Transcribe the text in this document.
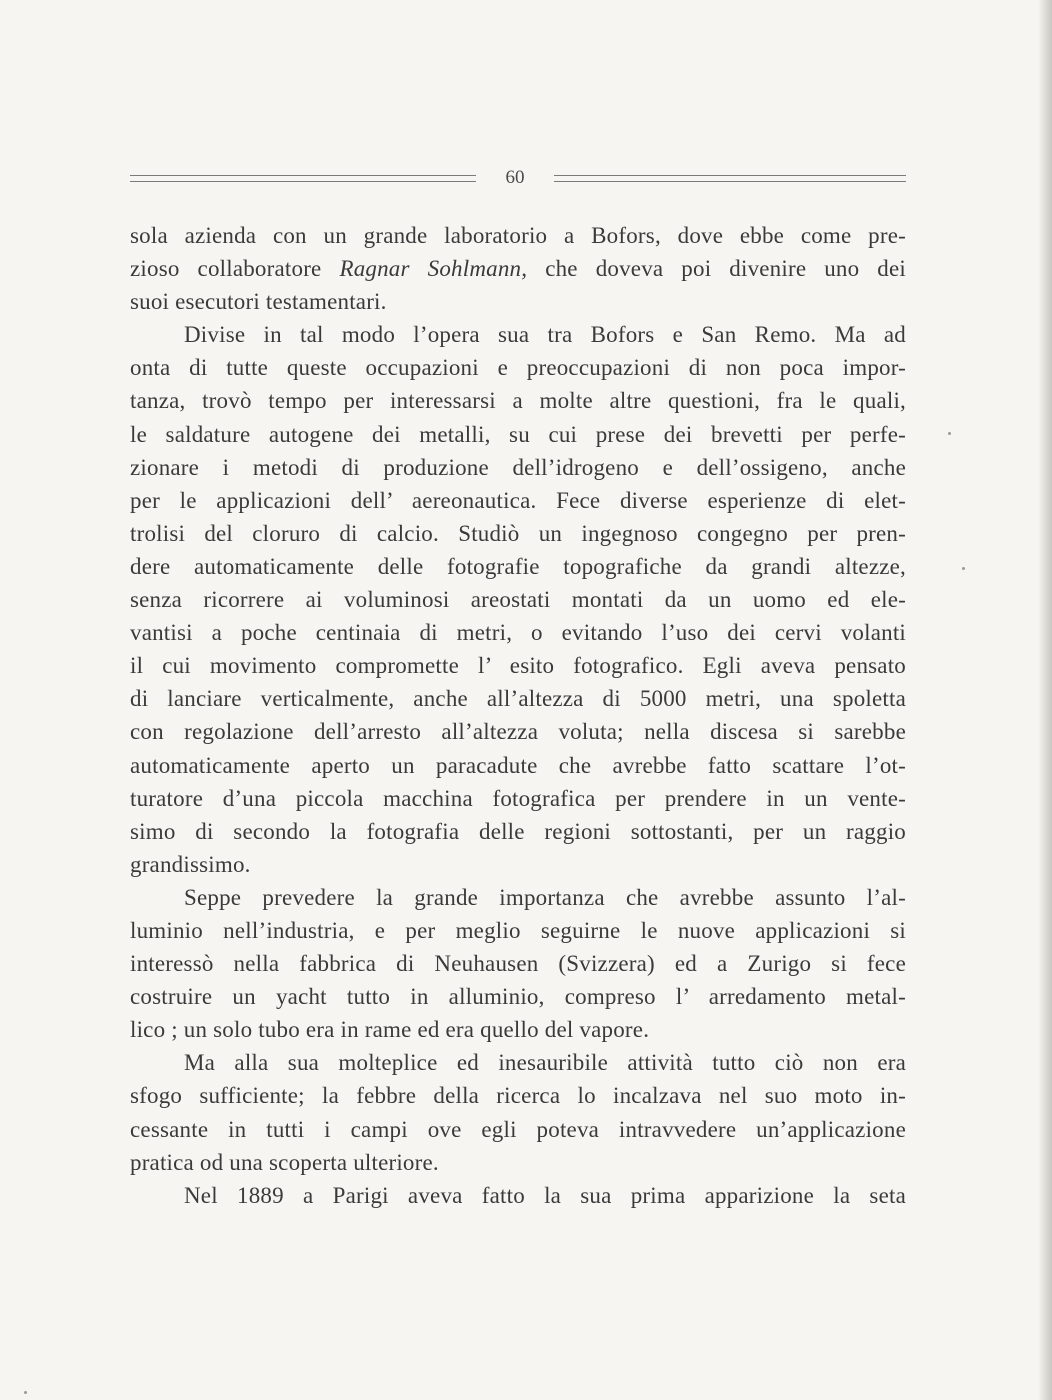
60
sola azienda con un grande laboratorio a Bofors, dove ebbe come pre-
zioso collaboratore Ragnar Sohlmann, che doveva poi divenire uno dei
suoi esecutori testamentari.
Divise in tal modo l’opera sua tra Bofors e San Remo. Ma ad
onta di tutte queste occupazioni e preoccupazioni di non poca impor-
tanza, trovò tempo per interessarsi a molte altre questioni, fra le quali,
le saldature autogene dei metalli, su cui prese dei brevetti per perfe-
zionare i metodi di produzione dell’idrogeno e dell’ossigeno, anche
per le applicazioni dell’ aereonautica. Fece diverse esperienze di elet-
trolisi del cloruro di calcio. Studiò un ingegnoso congegno per pren-
dere automaticamente delle fotografie topografiche da grandi altezze,
senza ricorrere ai voluminosi areostati montati da un uomo ed ele-
vantisi a poche centinaia di metri, o evitando l’uso dei cervi volanti
il cui movimento compromette l’ esito fotografico. Egli aveva pensato
di lanciare verticalmente, anche all’altezza di 5000 metri, una spoletta
con regolazione dell’arresto all’altezza voluta; nella discesa si sarebbe
automaticamente aperto un paracadute che avrebbe fatto scattare l’ot-
turatore d’una piccola macchina fotografica per prendere in un vente-
simo di secondo la fotografia delle regioni sottostanti, per un raggio
grandissimo.
Seppe prevedere la grande importanza che avrebbe assunto l’al-
luminio nell’industria, e per meglio seguirne le nuove applicazioni si
interessò nella fabbrica di Neuhausen (Svizzera) ed a Zurigo si fece
costruire un yacht tutto in alluminio, compreso l’ arredamento metal-
lico ; un solo tubo era in rame ed era quello del vapore.
Ma alla sua molteplice ed inesauribile attività tutto ciò non era
sfogo sufficiente; la febbre della ricerca lo incalzava nel suo moto in-
cessante in tutti i campi ove egli poteva intravvedere un’applicazione
pratica od una scoperta ulteriore.
Nel 1889 a Parigi aveva fatto la sua prima apparizione la seta
